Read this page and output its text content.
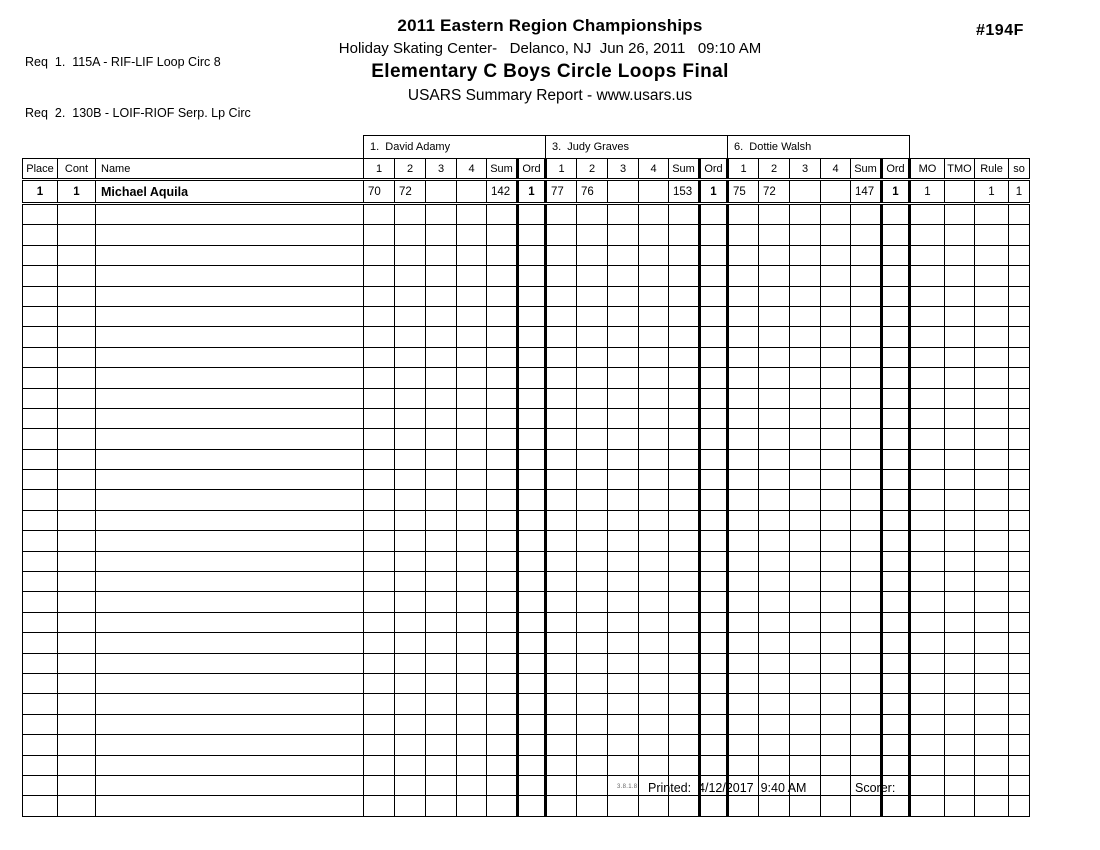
Req  1.  115A - RIF-LIF Loop Circ 8

Req  2.  130B - LOIF-RIOF Serp. Lp Circ

2011 Eastern Region Championships
Holiday Skating Center-   Delanco, NJ  Jun 26, 2011   09:10 AM
Elementary C Boys Circle Loops Final
USARS Summary Report - www.usars.us
#194F
			1.  David Adamy						3.  Judy Graves						6.  Dottie Walsh									
Place	Cont	Name	1	2	3	4	Sum	Ord	1	2	3	4	Sum	Ord	1	2	3	4	Sum	Ord	MO	TMO	Rule	so
1	1	Michael Aquila	70	72			142	1	77	76			153	1	75	72			147	1	1		1	1

3.8.1.8 Printed:  4/12/2017  9:40 AM	Scorer:
